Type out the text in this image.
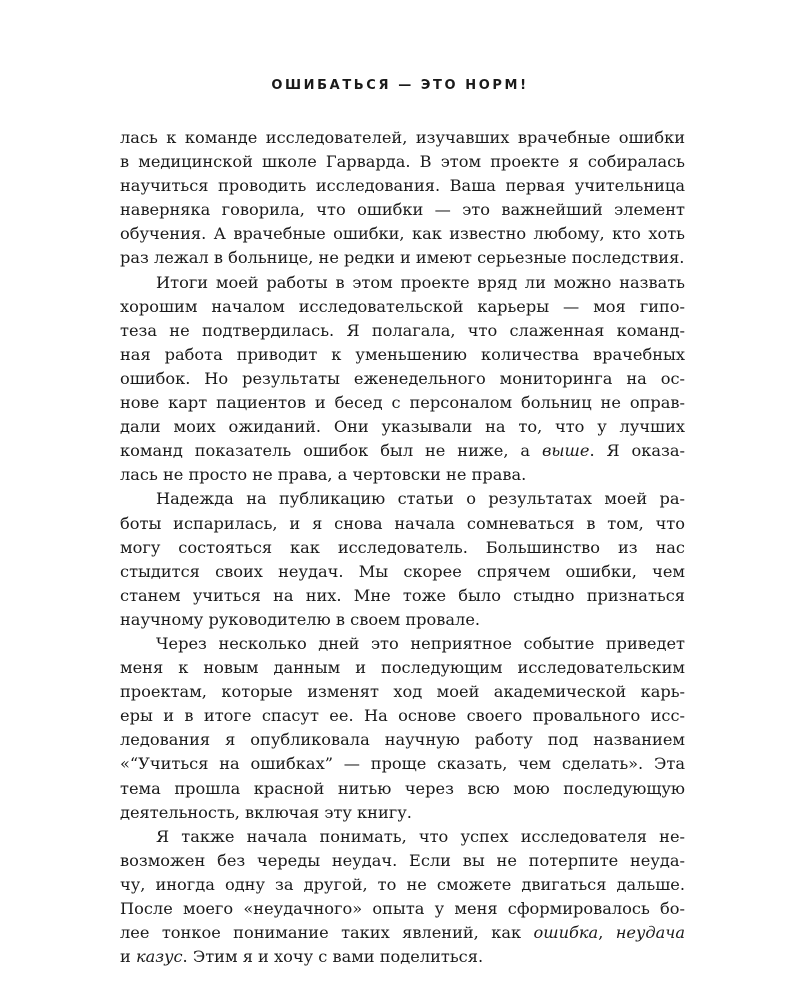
ОШИБАТЬСЯ — ЭТО НОРМ!
лась к команде исследователей, изучавших врачебные ошибки
в медицинской школе Гарварда. В этом проекте я собиралась
научиться проводить исследования. Ваша первая учительница
наверняка говорила, что ошибки — это важнейший элемент
обучения. А врачебные ошибки, как известно любому, кто хоть
раз лежал в больнице, не редки и имеют серьезные последствия.
Итоги моей работы в этом проекте вряд ли можно назвать
хорошим началом исследовательской карьеры — моя гипо-
теза не подтвердилась. Я полагала, что слаженная команд-
ная работа приводит к уменьшению количества врачебных
ошибок. Но результаты еженедельного мониторинга на ос-
нове карт пациентов и бесед с персоналом больниц не оправ-
дали моих ожиданий. Они указывали на то, что у лучших
команд показатель ошибок был не ниже, а выше. Я оказа-
лась не просто не права, а чертовски не права.
Надежда на публикацию статьи о результатах моей ра-
боты испарилась, и я снова начала сомневаться в том, что
могу состояться как исследователь. Большинство из нас
стыдится своих неудач. Мы скорее спрячем ошибки, чем
станем учиться на них. Мне тоже было стыдно признаться
научному руководителю в своем провале.
Через несколько дней это неприятное событие приведет
меня к новым данным и последующим исследовательским
проектам, которые изменят ход моей академической карь-
еры и в итоге спасут ее. На основе своего провального исс-
ледования я опубликовала научную работу под названием
«“Учиться на ошибках” — проще сказать, чем сделать». Эта
тема прошла красной нитью через всю мою последующую
деятельность, включая эту книгу.
Я также начала понимать, что успех исследователя не-
возможен без череды неудач. Если вы не потерпите неуда-
чу, иногда одну за другой, то не сможете двигаться дальше.
После моего «неудачного» опыта у меня сформировалось бо-
лее тонкое понимание таких явлений, как ошибка, неудача
и казус. Этим я и хочу с вами поделиться.
